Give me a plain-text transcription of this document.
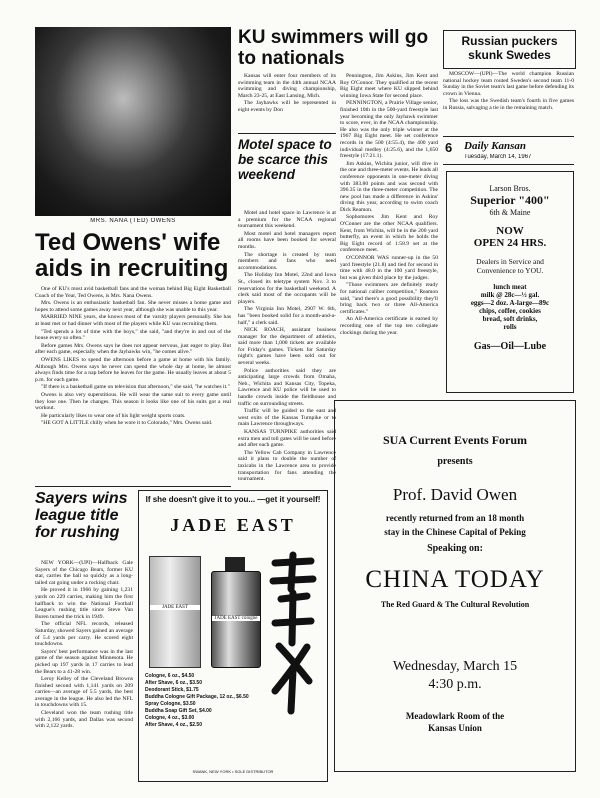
MRS. NANA (TED) OWENS
Ted Owens' wife aids in recruiting

One of KU's most avid basketball fans and the woman behind Big Eight Basketball Coach of the Year, Ted Owens, is Mrs. Nana Owens.

Mrs. Owens is an enthusiastic basketball fan. She never misses a home game and hopes to attend some games away next year, although she was unable to this year.

MARRIED NINE years, she knows most of the varsity players personally. She has at least met or had dinner with most of the players while KU was recruiting them.

"Ted spends a lot of time with the boys," she said, "and they're in and out of the house every so often."

Before games Mrs. Owens says he does not appear nervous, just eager to play. But after each game, especially when the Jayhawks win, "he comes alive."

OWENS LIKES to spend the afternoon before a game at home with his family. Although Mrs. Owens says he never can spend the whole day at home, he almost always finds time for a nap before he leaves for the game. He usually leaves at about 5 p.m. for each game.

"If there is a basketball game on television that afternoon," she said, "he watches it."

Owens is also very superstitious. He will wear the same suit to every game until they lose one. Then he changes. This season it looks like one of his suits got a real workout.

He particularly likes to wear one of his light weight sports coats.

"HE GOT A LITTLE chilly when he wore it to Colorado," Mrs. Owens said.

Sayers wins league title for rushing

NEW YORK—(UPI)—Halfback Gale Sayers of the Chicago Bears, former KU star, carries the ball so quickly as a long-tailed cat going under a rocking chair.

He proved it in 1966 by gaining 1,231 yards on 229 carries, making him the first halfback to win the National Football League's rushing title since Steve Van Buren turned the trick in 1949.

The official NFL records, released Saturday, showed Sayers gained an average of 5.4 yards per carry. He scored eight touchdowns.

Sayers' best performance was in the last game of the season against Minnesota. He picked up 197 yards in 17 carries to lead the Bears to a 41-28 win.

Leroy Kelley of the Cleveland Browns finished second with 1,141 yards on 209 carries—an average of 5.5 yards, the best average in the league. He also led the NFL in touchdowns with 15.

Cleveland won the team rushing title with 2,166 yards, and Dallas was second with 2,122 yards.

KU swimmers will go to nationals

Kansas will enter four members of its swimming team in the 44th annual NCAA swimming and diving championship, March 23-25, at East Lansing, Mich.

The Jayhawks will be represented in eight events by Don

Motel space to be scarce this weekend

Motel and hotel space in Lawrence is at a premium for the NCAA regional tournament this weekend.

Most motel and hotel managers report all rooms have been booked for several months.

The shortage is created by team members and fans who need accommodations.

The Holiday Inn Motel, 22nd and Iowa St., closed its teletype system Nov. 3 to reservations for the basketball weekend. A clerk said most of the occupants will be players.

The Virginia Inn Motel, 2907 W. 6th, has "been booked solid for a month-and-a-half," a clerk said.

NICK ROACH, assistant business manager for the department of athletics, said more than 1,000 tickets are available for Friday's games. Tickets for Saturday night's games have been sold out for several weeks.

Police authorities said they are anticipating large crowds from Omaha, Neb., Wichita and Kansas City, Topeka, Lawrence and KU police will be used to handle crowds inside the fieldhouse and traffic on surrounding streets.

Traffic will be guided to the east and west exits of the Kansas Turnpike or to main Lawrence throughways.

KANSAS TURNPIKE authorities said extra men and toll gates will be used before and after each game.

The Yellow Cab Company in Lawrence said it plans to double the number of taxicabs in the Lawrence area to provide transportation for fans attending the tournament.

Pennington, Jim Askins, Jim Kent and Roy O'Connor. They qualified at the recent Big Eight meet where KU slipped behind winning Iowa State for second place.

PENNINGTON, a Prairie Village senior, finished 10th in the 500-yard freestyle last year becoming the only Jayhawk swimmer to score, ever, in the NCAA championship. He also was the only triple winner at the 1967 Big Eight meet. He set conference records in the 500 (4:55.4), the 400 yard individual medley (4:25.6), and the 1,650 freestyle (17:21.1).

Jim Askins, Wichita junior, will dive in the one and three-meter events. He leads all conference opponents in one-meter diving with 383.80 points and was second with 396.35 in the three-meter competition. The new pool has made a difference in Askins' diving this year, according to swim coach Dick Reamon.

Sophomores Jim Kent and Roy O'Conner are the other NCAA qualifiers. Kent, from Wichita, will be in the 200 yard butterfly, an event in which he holds the Big Eight record of 1:58.9 set at the conference meet.

O'CONNOR WAS runner-up in the 50 yard freestyle (21.8) and tied for second in time with 48.0 in the 100 yard freestyle, but was given third place by the judges.

"Those swimmers are definitely ready for national caliber competition," Reamon said, "and there's a good possibility they'll bring back two or three All-America certificates."

An All-America certificate is earned by recording one of the top ten collegiate clockings during the year.

Russian puckers skunk Swedes

MOSCOW—(UPI)—The world champion Russian national hockey team routed Sweden's second team 11-0 Sunday in the Soviet team's last game before defending its crown in Vienna.

The loss was the Swedish team's fourth in five games in Russia, salvaging a tie in the remaining match.

6	Daily Kansan
Tuesday, March 14, 1967
Larson Bros.
Superior "400"
6th & Maine
NOW
OPEN 24 HRS.
Dealers in Service and
Convenience to YOU.
lunch meat
milk @ 28c—½ gal.
eggs—2 doz. A-large—89c
chips, coffee, cookies
bread, soft drinks,
rolls
Gas—Oil—Lube
If she doesn't give it to you... —get it yourself!
JADE EAST
JADE EAST
JADE EAST cologne
Cologne, 6 oz., $4.50
After Shave, 6 oz., $3.50
Deodorant Stick, $1.75
Buddha Cologne Gift Package, 12 oz., $6.50
Spray Cologne, $3.50
Buddha Soap Gift Set, $4.00
Cologne, 4 oz., $3.00
After Shave, 4 oz., $2.50
SWANK, NEW YORK • SOLE DISTRIBUTOR
SUA Current Events Forum
presents
Prof. David Owen
recently returned from an 18 month
stay in the Chinese Capital of Peking
Speaking on:
CHINA TODAY
The Red Guard & The Cultural Revolution
Wednesday, March 15
4:30 p.m.
Meadowlark Room of the
Kansas Union
